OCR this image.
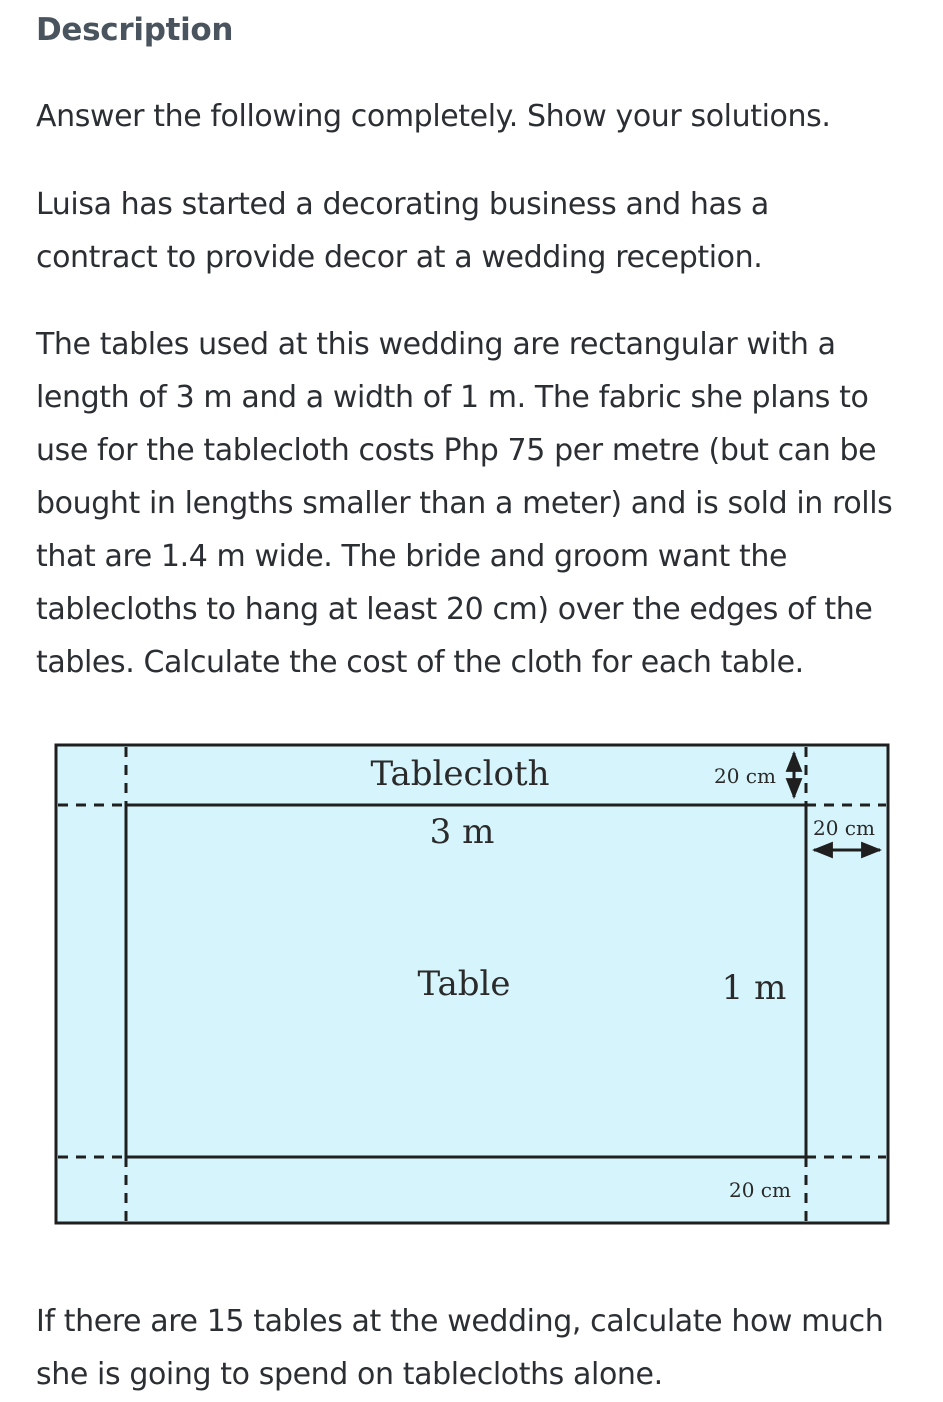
Description
Answer the following completely. Show your solutions.
Luisa has started a decorating business and has a
contract to provide decor at a wedding reception.
The tables used at this wedding are rectangular with a
length of 3 m and a width of 1 m. The fabric she plans to
use for the tablecloth costs Php 75 per metre (but can be
bought in lengths smaller than a meter) and is sold in rolls
that are 1.4 m wide. The bride and groom want the
tablecloths to hang at least 20 cm) over the edges of the
tables. Calculate the cost of the cloth for each table.
Tablecloth
3 m
Table	1 m
20 cm
20 cm
20 cm
If there are 15 tables at the wedding, calculate how much
she is going to spend on tablecloths alone.
